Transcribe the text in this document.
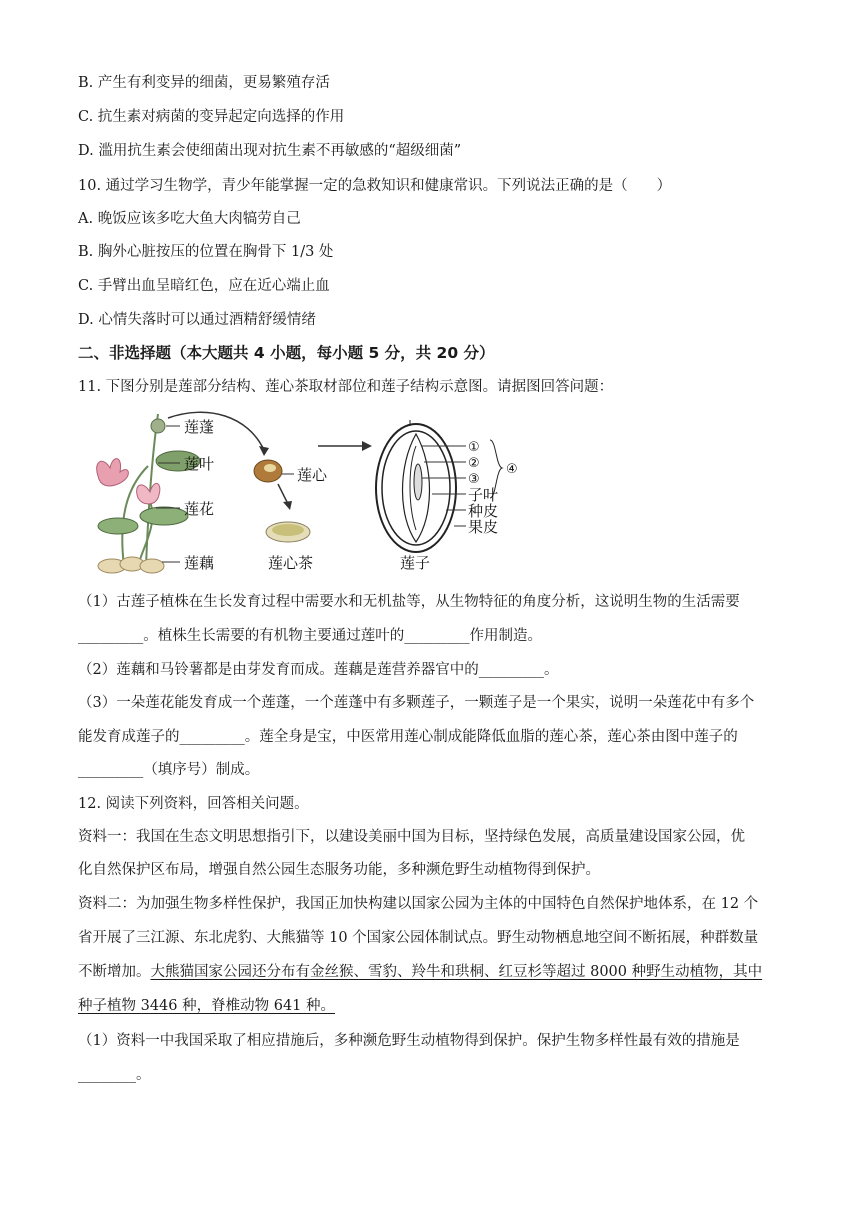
B. 产生有利变异的细菌，更易繁殖存活
C. 抗生素对病菌的变异起定向选择的作用
D. 滥用抗生素会使细菌出现对抗生素不再敏感的“超级细菌”
10. 通过学习生物学，青少年能掌握一定的急救知识和健康常识。下列说法正确的是（　　）
A. 晚饭应该多吃大鱼大肉犒劳自己
B. 胸外心脏按压的位置在胸骨下 1/3 处
C. 手臂出血呈暗红色，应在近心端止血
D. 心情失落时可以通过酒精舒缓情绪
二、非选择题（本大题共 4 小题，每小题 5 分，共 20 分）
11. 下图分别是莲部分结构、莲心茶取材部位和莲子结构示意图。请据图回答问题：
莲蓬
莲叶
莲花
莲藕
莲心
莲心茶
①
②
③
④
子叶
种皮
果皮
莲子
（1）古莲子植株在生长发育过程中需要水和无机盐等，从生物特征的角度分析，这说明生物的生活需要
_________。植株生长需要的有机物主要通过莲叶的_________作用制造。
（2）莲藕和马铃薯都是由芽发育而成。莲藕是莲营养器官中的_________。
（3）一朵莲花能发育成一个莲蓬，一个莲蓬中有多颗莲子，一颗莲子是一个果实，说明一朵莲花中有多个
能发育成莲子的_________。莲全身是宝，中医常用莲心制成能降低血脂的莲心茶，莲心茶由图中莲子的
_________（填序号）制成。
12. 阅读下列资料，回答相关问题。
资料一：我国在生态文明思想指引下，以建设美丽中国为目标，坚持绿色发展，高质量建设国家公园，优
化自然保护区布局，增强自然公园生态服务功能，多种濒危野生动植物得到保护。
资料二：为加强生物多样性保护，我国正加快构建以国家公园为主体的中国特色自然保护地体系，在 12 个
省开展了三江源、东北虎豹、大熊猫等 10 个国家公园体制试点。野生动物栖息地空间不断拓展，种群数量
不断增加。大熊猫国家公园还分布有金丝猴、雪豹、羚牛和珙桐、红豆杉等超过 8000 种野生动植物，其中
种子植物 3446 种，脊椎动物 641 种。
（1）资料一中我国采取了相应措施后，多种濒危野生动植物得到保护。保护生物多样性最有效的措施是
________。
